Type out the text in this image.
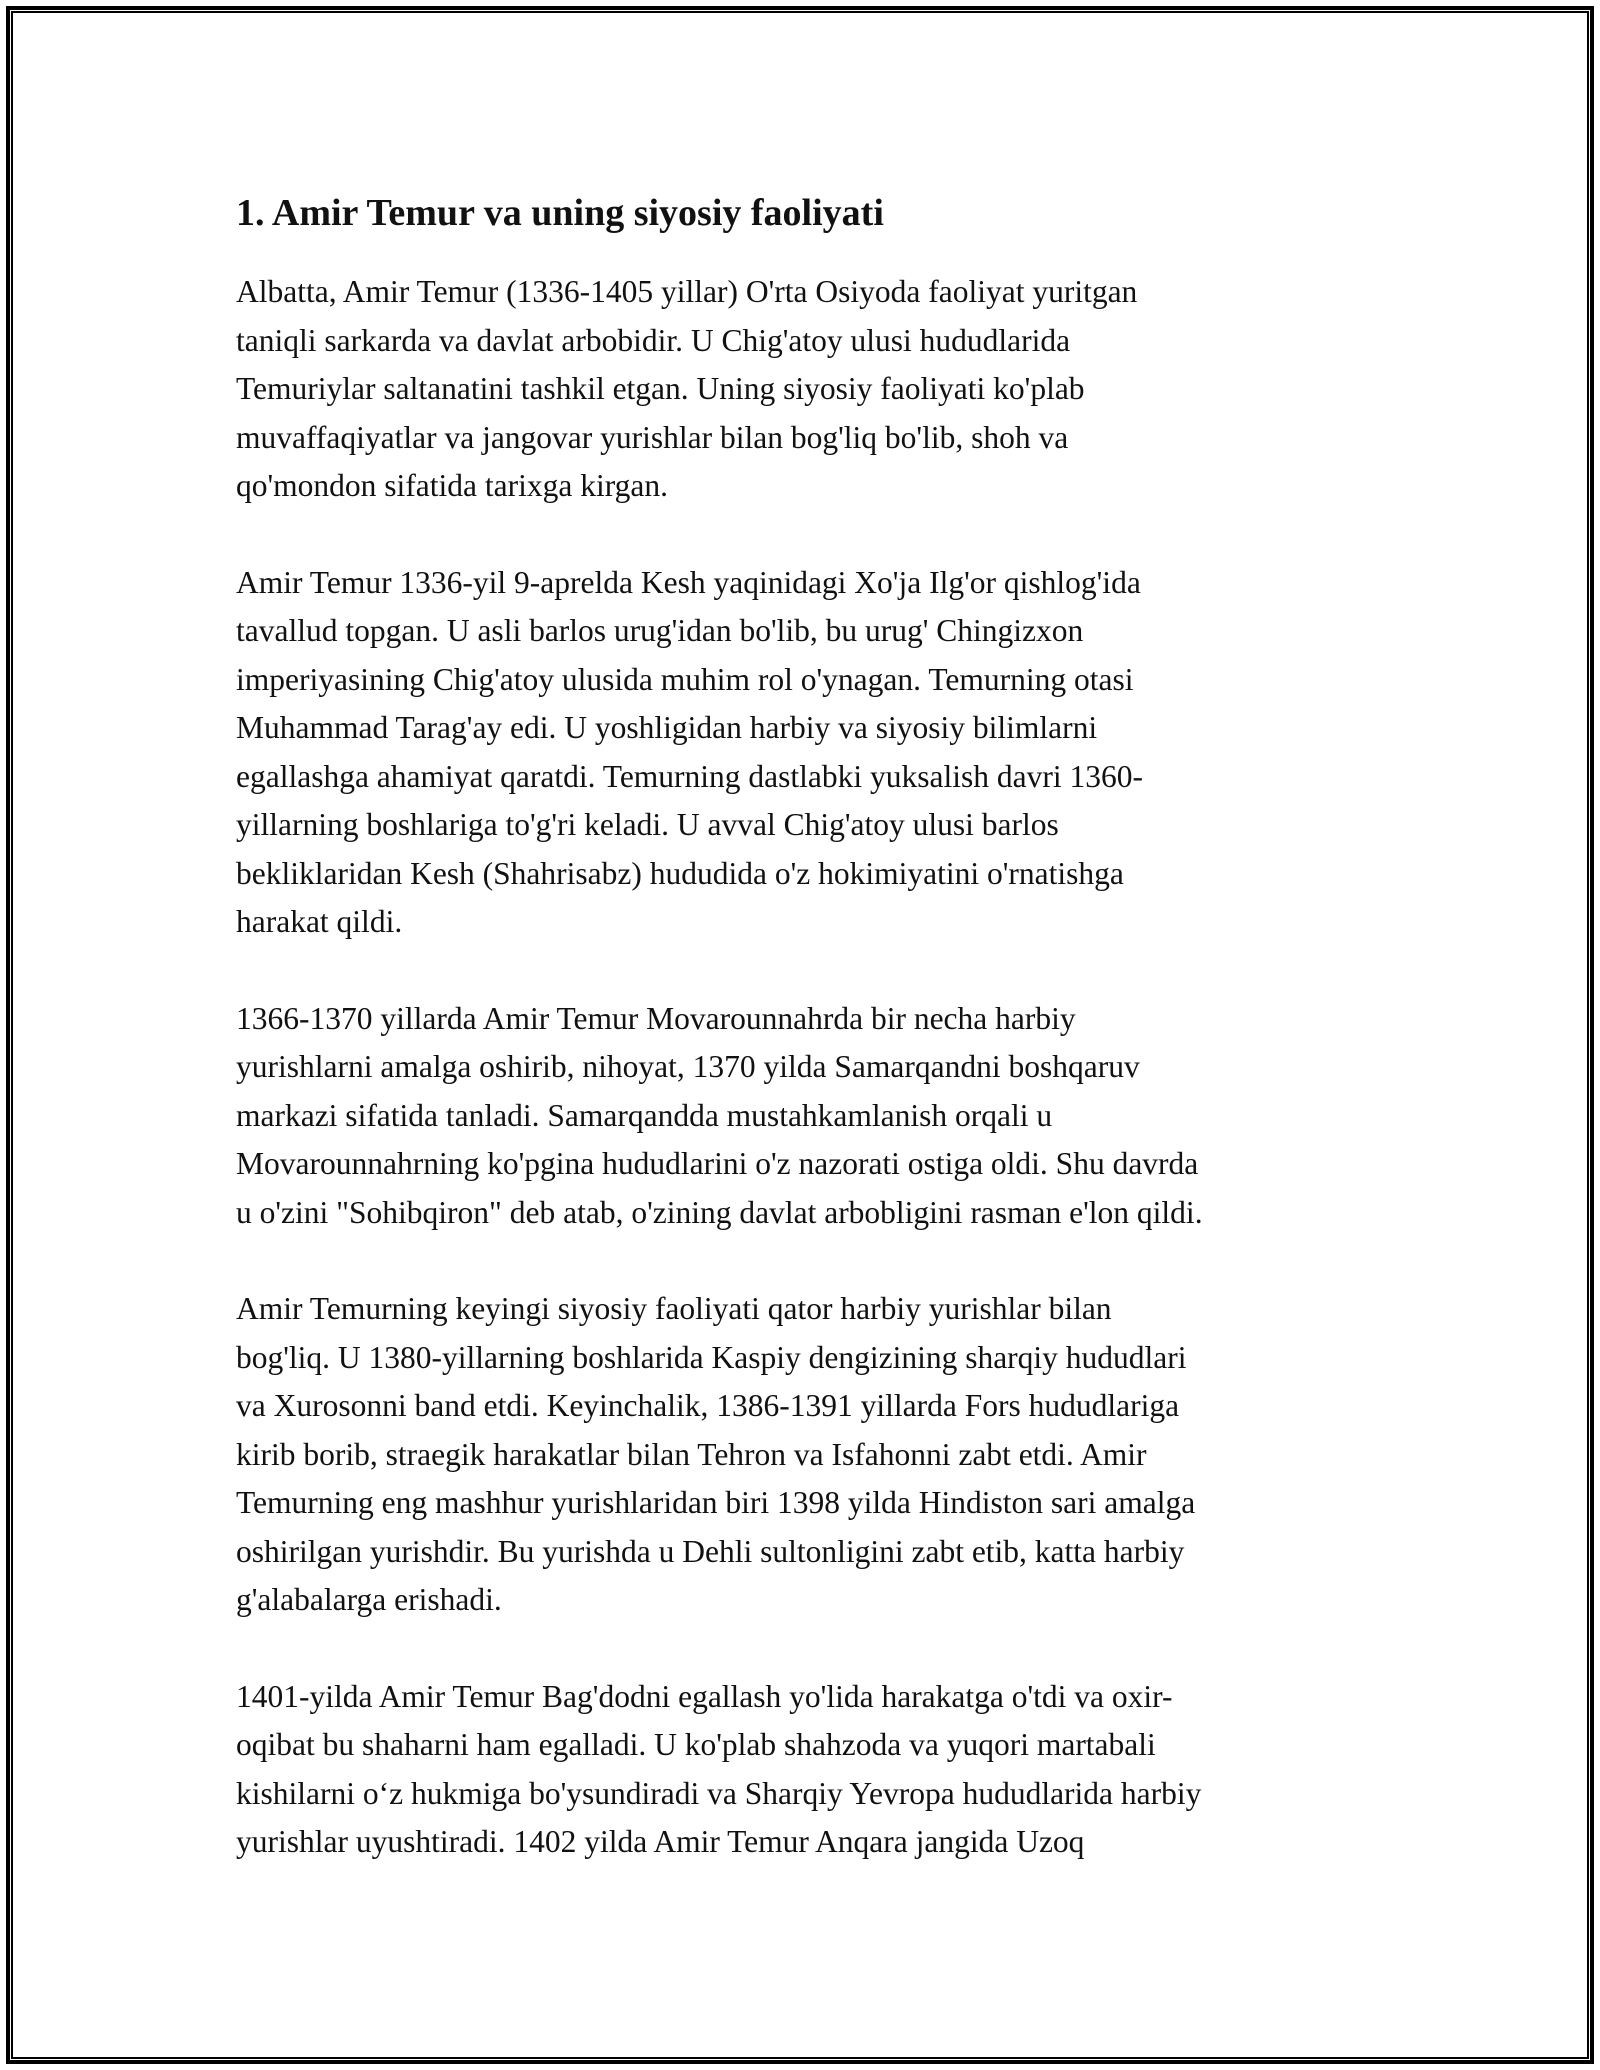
1. Amir Temur va uning siyosiy faoliyati

Albatta, Amir Temur (1336-1405 yillar) O'rta Osiyoda faoliyat yuritgan
taniqli sarkarda va davlat arbobidir. U Chig'atoy ulusi hududlarida
Temuriylar saltanatini tashkil etgan. Uning siyosiy faoliyati ko'plab
muvaffaqiyatlar va jangovar yurishlar bilan bog'liq bo'lib, shoh va
qo'mondon sifatida tarixga kirgan.

Amir Temur 1336-yil 9-aprelda Kesh yaqinidagi Xo'ja Ilg'or qishlog'ida
tavallud topgan. U asli barlos urug'idan bo'lib, bu urug' Chingizxon
imperiyasining Chig'atoy ulusida muhim rol o'ynagan. Temurning otasi
Muhammad Tarag'ay edi. U yoshligidan harbiy va siyosiy bilimlarni
egallashga ahamiyat qaratdi. Temurning dastlabki yuksalish davri 1360-
yillarning boshlariga to'g'ri keladi. U avval Chig'atoy ulusi barlos
bekliklaridan Kesh (Shahrisabz) hududida o'z hokimiyatini o'rnatishga
harakat qildi.

1366-1370 yillarda Amir Temur Movarounnahrda bir necha harbiy
yurishlarni amalga oshirib, nihoyat, 1370 yilda Samarqandni boshqaruv
markazi sifatida tanladi. Samarqandda mustahkamlanish orqali u
Movarounnahrning ko'pgina hududlarini o'z nazorati ostiga oldi. Shu davrda
u o'zini "Sohibqiron" deb atab, o'zining davlat arbobligini rasman e'lon qildi.

Amir Temurning keyingi siyosiy faoliyati qator harbiy yurishlar bilan
bog'liq. U 1380-yillarning boshlarida Kaspiy dengizining sharqiy hududlari
va Xurosonni band etdi. Keyinchalik, 1386-1391 yillarda Fors hududlariga
kirib borib, straegik harakatlar bilan Tehron va Isfahonni zabt etdi. Amir
Temurning eng mashhur yurishlaridan biri 1398 yilda Hindiston sari amalga
oshirilgan yurishdir. Bu yurishda u Dehli sultonligini zabt etib, katta harbiy
g'alabalarga erishadi.

1401-yilda Amir Temur Bag'dodni egallash yo'lida harakatga o'tdi va oxir-
oqibat bu shaharni ham egalladi. U ko'plab shahzoda va yuqori martabali
kishilarni o‘z hukmiga bo'ysundiradi va Sharqiy Yevropa hududlarida harbiy
yurishlar uyushtiradi. 1402 yilda Amir Temur Anqara jangida Uzoq
